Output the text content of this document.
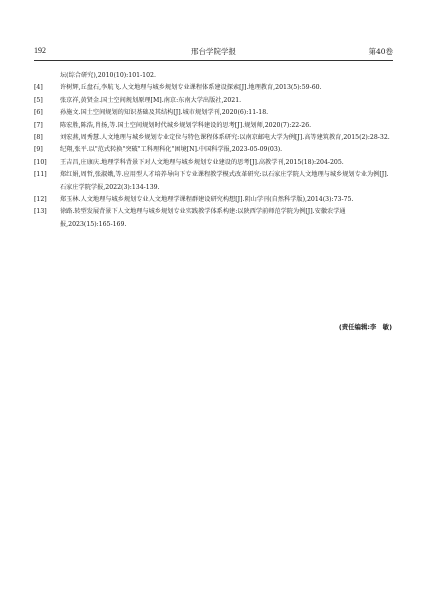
192	邢台学院学报	第40卷
坛(综合研究),2010(10):101-102.
[4]	许树辉,丘盘石,李航飞.人文地理与城乡规划专业课程体系建设探索[J].地理教育,2013(5):59-60.
[5]	张京祥,黄贤金.国土空间规划原理[M].南京:东南大学出版社,2021.
[6]	孙施文.国土空间规划的知识基础及其结构[J].城市规划学刊,2020(6):11-18.
[7]	陈宏胜,陈浩,肖扬,等.国土空间规划时代城乡规划学科建设的思考[J].规划师,2020(7):22-26.
[8]	刘宏燕,周秀慧.人文地理与城乡规划专业定位与特色课程体系研究:以南京邮电大学为例[J].高等建筑教育,2015(2):28-32.
[9]	纪翔,张平.以"范式转换"突破"工科理科化"困境[N].中国科学报,2023-05-09(03).
[10] 王吉昌,庄康庆.地理学科背景下对人文地理与城乡规划专业建设的思考[J].高教学刊,2015(18):204-205.
[11] 郑红娟,周哲,张淑娥,等.应用型人才培养导向下专业课程教学模式改革研究:以石家庄学院人文地理与城乡规划专业为例[J].石家庄学院学报,2022(3):134-139.
[12] 郑玉林.人文地理与城乡规划专业人文地理学课程群建设研究构想[J].阴山学刊(自然科学版),2014(3):73-75.
[13] 徐路.转型发展背景下人文地理与城乡规划专业实践教学体系构建:以陕西学前师范学院为例[J].安徽农学通报,2023(15):165-169.
(责任编辑:李　敏)
